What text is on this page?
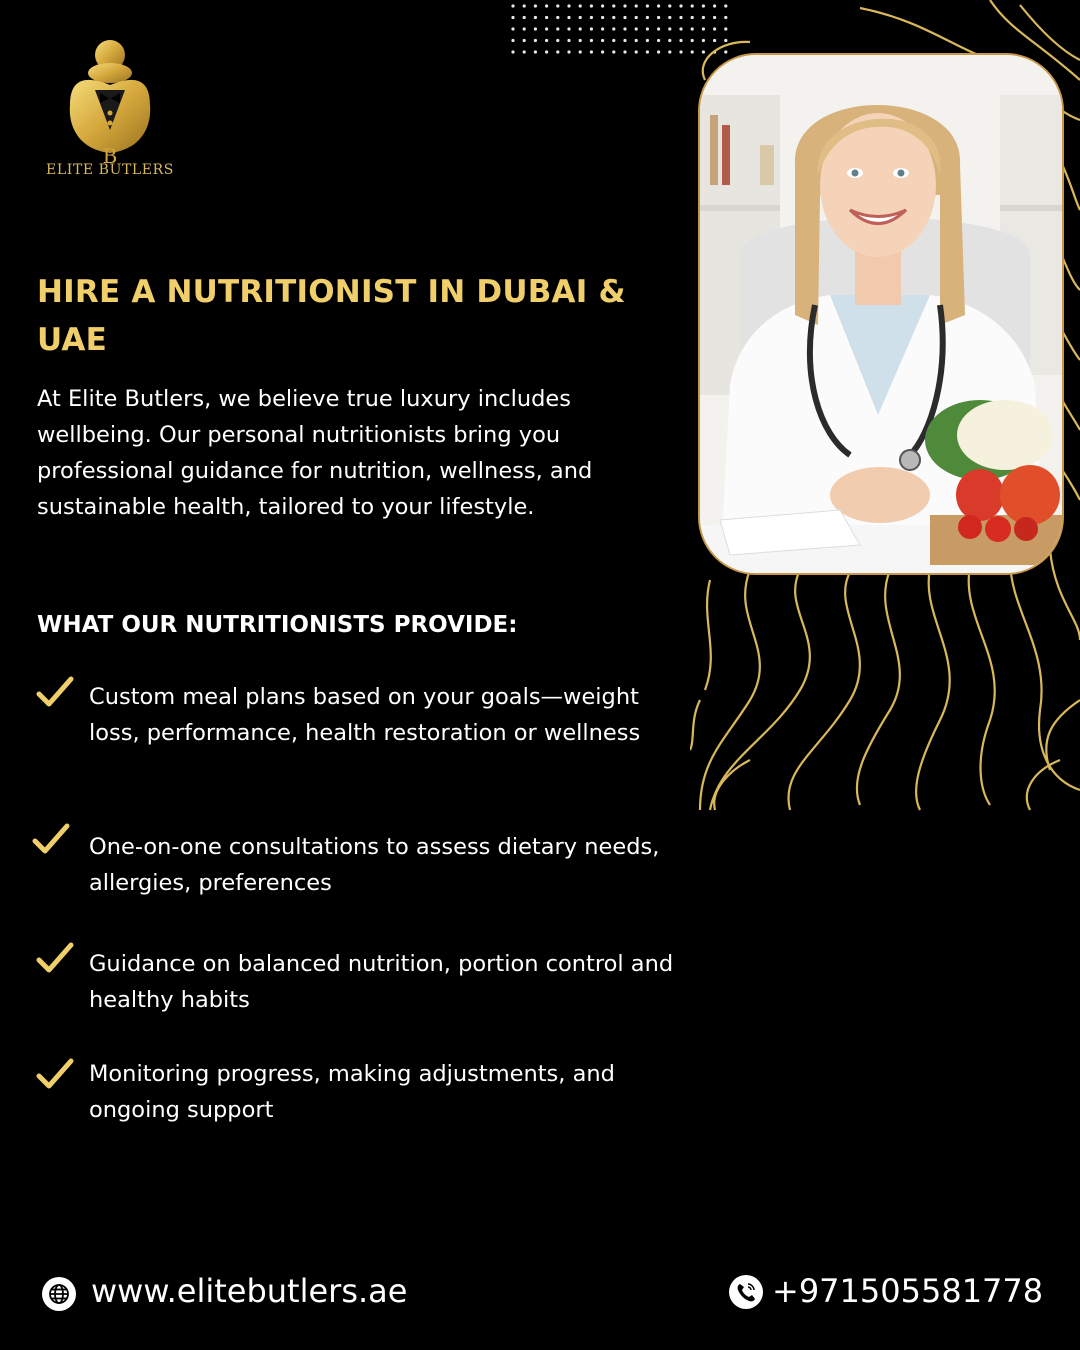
B
ELITE BUTLERS
HIRE A NUTRITIONIST IN DUBAI & UAE
At Elite Butlers, we believe true luxury includes wellbeing. Our personal nutritionists bring you professional guidance for nutrition, wellness, and sustainable health, tailored to your lifestyle.
WHAT OUR NUTRITIONISTS PROVIDE:
Custom meal plans based on your goals—weight loss, performance, health restoration or wellness
One-on-one consultations to assess dietary needs, allergies, preferences
Guidance on balanced nutrition, portion control and healthy habits
Monitoring progress, making adjustments, and ongoing support
www.elitebutlers.ae	+971505581778
